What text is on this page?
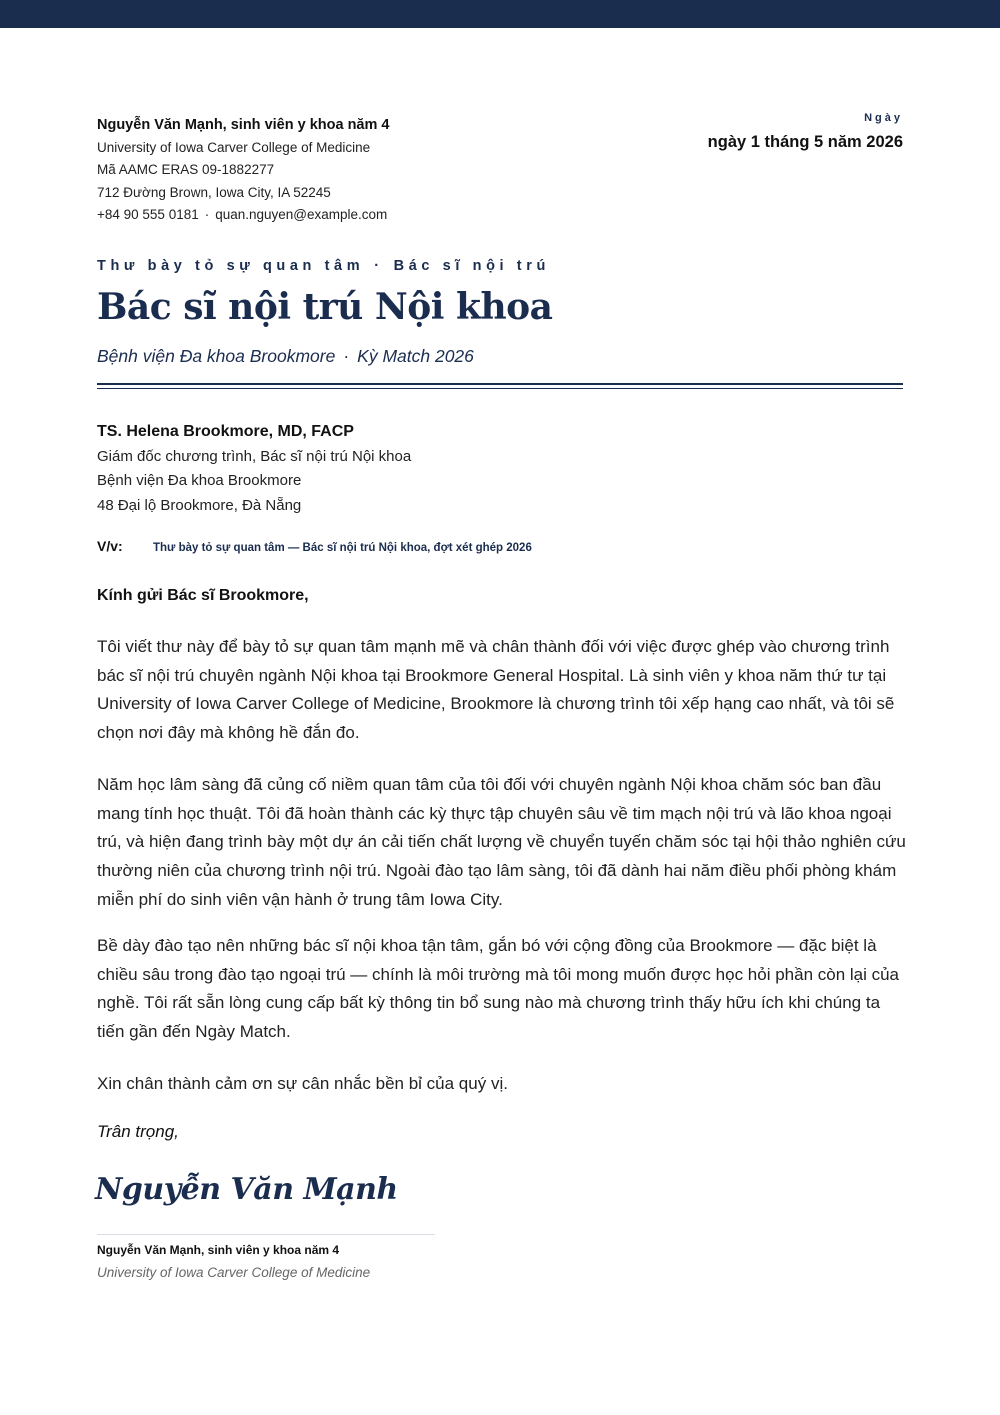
Nguyễn Văn Mạnh, sinh viên y khoa năm 4
University of Iowa Carver College of Medicine
Mã AAMC ERAS 09-1882277
712 Đường Brown, Iowa City, IA 52245
+84 90 555 0181 · quan.nguyen@example.com
Ngày
ngày 1 tháng 5 năm 2026
Thư bày tỏ sự quan tâm · Bác sĩ nội trú
Bác sĩ nội trú Nội khoa
Bệnh viện Đa khoa Brookmore · Kỳ Match 2026
TS. Helena Brookmore, MD, FACP
Giám đốc chương trình, Bác sĩ nội trú Nội khoa
Bệnh viện Đa khoa Brookmore
48 Đại lộ Brookmore, Đà Nẵng
V/v:	Thư bày tỏ sự quan tâm — Bác sĩ nội trú Nội khoa, đợt xét ghép 2026
Kính gửi Bác sĩ Brookmore,

Tôi viết thư này để bày tỏ sự quan tâm mạnh mẽ và chân thành đối với việc được ghép vào chương trình bác sĩ nội trú chuyên ngành Nội khoa tại Brookmore General Hospital. Là sinh viên y khoa năm thứ tư tại University of Iowa Carver College of Medicine, Brookmore là chương trình tôi xếp hạng cao nhất, và tôi sẽ chọn nơi đây mà không hề đắn đo.

Năm học lâm sàng đã củng cố niềm quan tâm của tôi đối với chuyên ngành Nội khoa chăm sóc ban đầu mang tính học thuật. Tôi đã hoàn thành các kỳ thực tập chuyên sâu về tim mạch nội trú và lão khoa ngoại trú, và hiện đang trình bày một dự án cải tiến chất lượng về chuyển tuyến chăm sóc tại hội thảo nghiên cứu thường niên của chương trình nội trú. Ngoài đào tạo lâm sàng, tôi đã dành hai năm điều phối phòng khám miễn phí do sinh viên vận hành ở trung tâm Iowa City.

Bề dày đào tạo nên những bác sĩ nội khoa tận tâm, gắn bó với cộng đồng của Brookmore — đặc biệt là chiều sâu trong đào tạo ngoại trú — chính là môi trường mà tôi mong muốn được học hỏi phần còn lại của nghề. Tôi rất sẵn lòng cung cấp bất kỳ thông tin bổ sung nào mà chương trình thấy hữu ích khi chúng ta tiến gần đến Ngày Match.

Xin chân thành cảm ơn sự cân nhắc bền bỉ của quý vị.

Trân trọng,
Nguyễn Văn Mạnh
Nguyễn Văn Mạnh, sinh viên y khoa năm 4
University of Iowa Carver College of Medicine
